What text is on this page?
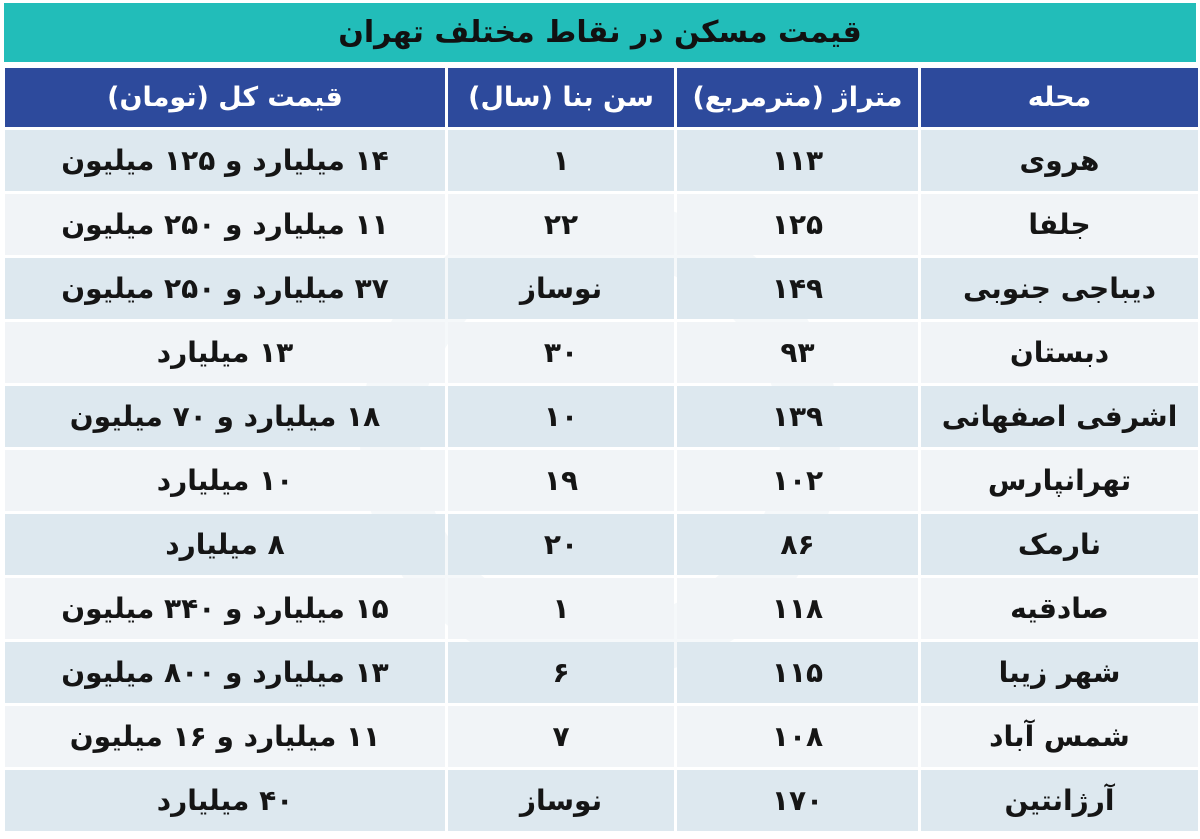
قیمت مسکن در نقاط مختلف تهران
محله	متراژ (مترمربع)	سن بنا (سال)	قیمت کل (تومان)
هروی	۱۱۳	۱	۱۴ میلیارد و ۱۲۵ میلیون
جلفا	۱۲۵	۲۲	۱۱ میلیارد و ۲۵۰ میلیون
دیباجی جنوبی	۱۴۹	نوساز	۳۷ میلیارد و ۲۵۰ میلیون
دبستان	۹۳	۳۰	۱۳ میلیارد
اشرفی اصفهانی	۱۳۹	۱۰	۱۸ میلیارد و ۷۰ میلیون
تهرانپارس	۱۰۲	۱۹	۱۰ میلیارد
نارمک	۸۶	۲۰	۸ میلیارد
صادقیه	۱۱۸	۱	۱۵ میلیارد و ۳۴۰ میلیون
شهر زیبا	۱۱۵	۶	۱۳ میلیارد و ۸۰۰ میلیون
شمس آباد	۱۰۸	۷	۱۱ میلیارد و ۱۶ میلیون
آرژانتین	۱۷۰	نوساز	۴۰ میلیارد
